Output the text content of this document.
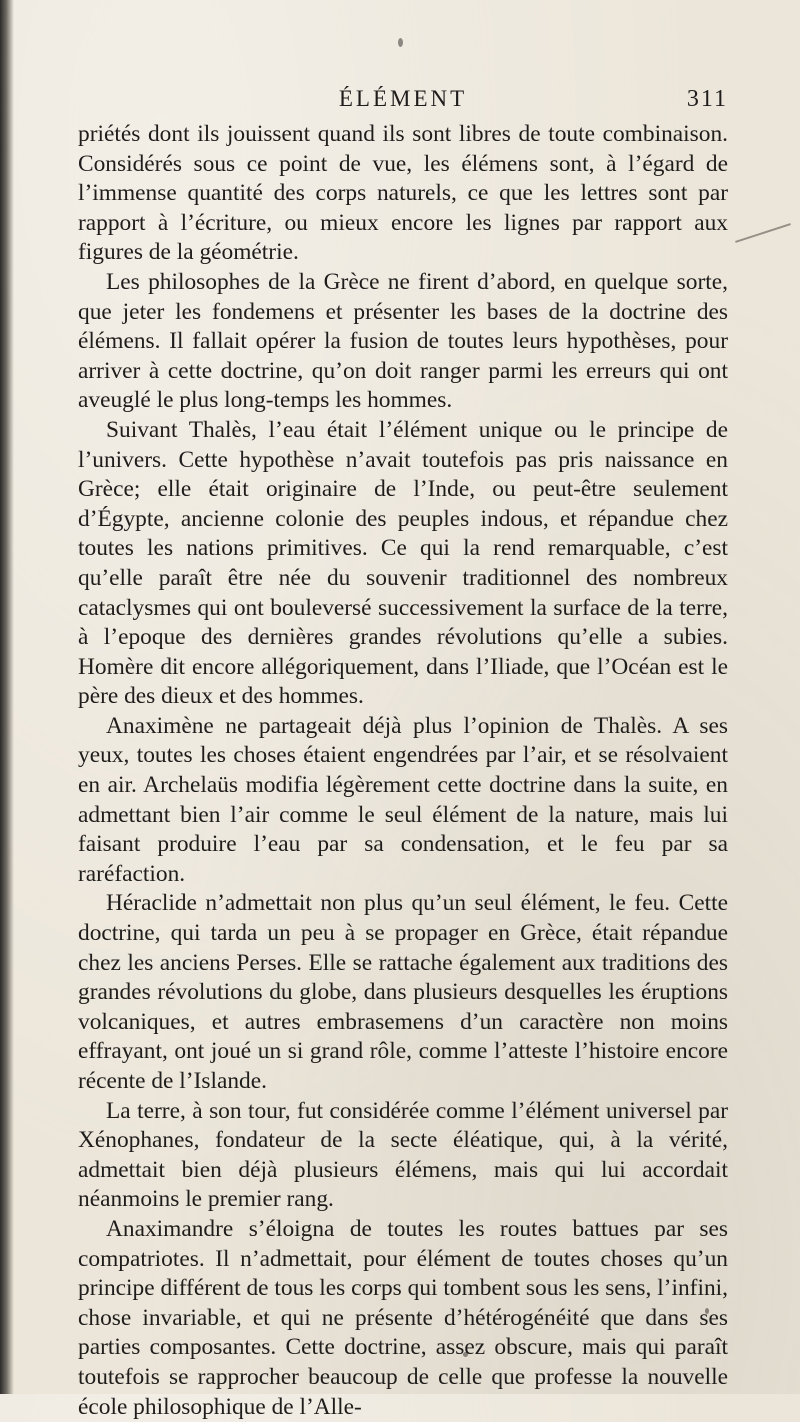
ÉLÉMENT	311

priétés dont ils jouissent quand ils sont libres de toute combinaison. Considérés sous ce point de vue, les élémens sont, à l’égard de l’immense quantité des corps naturels, ce que les lettres sont par rapport à l’écriture, ou mieux encore les lignes par rapport aux figures de la géométrie.

Les philosophes de la Grèce ne firent d’abord, en quelque sorte, que jeter les fondemens et présenter les bases de la doctrine des élémens. Il fallait opérer la fusion de toutes leurs hypothèses, pour arriver à cette doctrine, qu’on doit ranger parmi les erreurs qui ont aveuglé le plus long-temps les hommes.

Suivant Thalès, l’eau était l’élément unique ou le principe de l’univers. Cette hypothèse n’avait toutefois pas pris naissance en Grèce; elle était originaire de l’Inde, ou peut-être seulement d’Égypte, ancienne colonie des peuples indous, et répandue chez toutes les nations primitives. Ce qui la rend remarquable, c’est qu’elle paraît être née du souvenir traditionnel des nombreux cataclysmes qui ont bouleversé successivement la surface de la terre, à l’epoque des dernières grandes révolutions qu’elle a subies. Homère dit encore allégoriquement, dans l’Iliade, que l’Océan est le père des dieux et des hommes.

Anaximène ne partageait déjà plus l’opinion de Thalès. A ses yeux, toutes les choses étaient engendrées par l’air, et se résolvaient en air. Archelaüs modifia légèrement cette doctrine dans la suite, en admettant bien l’air comme le seul élément de la nature, mais lui faisant produire l’eau par sa condensation, et le feu par sa raréfaction.

Héraclide n’admettait non plus qu’un seul élément, le feu. Cette doctrine, qui tarda un peu à se propager en Grèce, était répandue chez les anciens Perses. Elle se rattache également aux traditions des grandes révolutions du globe, dans plusieurs desquelles les éruptions volcaniques, et autres embrasemens d’un caractère non moins effrayant, ont joué un si grand rôle, comme l’atteste l’histoire encore récente de l’Islande.

La terre, à son tour, fut considérée comme l’élément universel par Xénophanes, fondateur de la secte éléatique, qui, à la vérité, admettait bien déjà plusieurs élémens, mais qui lui accordait néanmoins le premier rang.

Anaximandre s’éloigna de toutes les routes battues par ses compatriotes. Il n’admettait, pour élément de toutes choses qu’un principe différent de tous les corps qui tombent sous les sens, l’infini, chose invariable, et qui ne présente d’hétérogénéité que dans ses parties composantes. Cette doctrine, assez obscure, mais qui paraît toutefois se rapprocher beaucoup de celle que professe la nouvelle école philosophique de l’Alle-
